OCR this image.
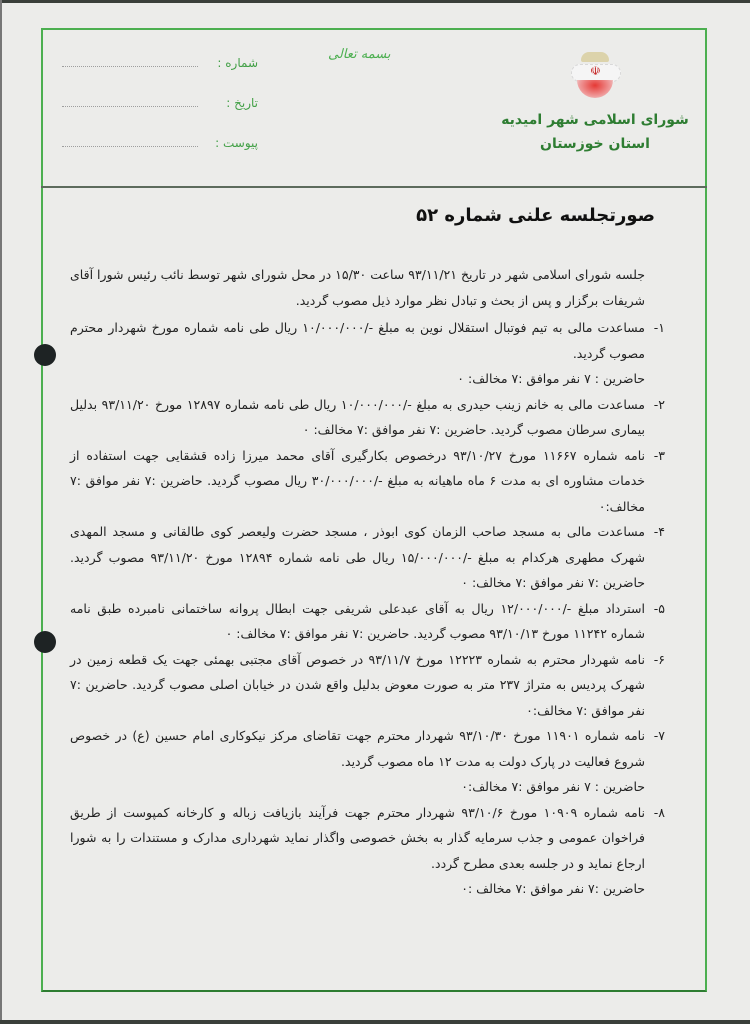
بسمه تعالی
شماره :
تاریخ :
پیوست :
☫
شورای اسلامی شهر امیدیه
استان خوزستان
صورتجلسه علنی شماره ۵۲
جلسه شورای اسلامی شهر در تاریخ ۹۳/۱۱/۲۱ ساعت ۱۵/۳۰ در محل شورای شهر توسط نائب رئیس شورا آقای شریفات برگزار و پس از بحث و تبادل نظر موارد ذیل مصوب گردید.
۱-
مساعدت مالی به تیم فوتبال استقلال نوین به مبلغ -/۱۰/۰۰۰/۰۰۰ ریال طی نامه شماره مورخ شهردار محترم مصوب گردید.
حاضرین : ۷ نفر موافق :۷ مخالف: ۰
۲-
مساعدت مالی به خانم زینب حیدری به مبلغ -/۱۰/۰۰۰/۰۰۰ ریال طی نامه شماره ۱۲۸۹۷ مورخ ۹۳/۱۱/۲۰ بدلیل بیماری سرطان مصوب گردید. حاضرین :۷ نفر موافق :۷ مخالف: ۰
۳-
نامه شماره ۱۱۶۶۷ مورخ ۹۳/۱۰/۲۷ درخصوص بکارگیری آقای محمد میرزا زاده قشقایی جهت استفاده از خدمات مشاوره ای به مدت ۶ ماه ماهیانه به مبلغ -/۳۰/۰۰۰/۰۰۰ ریال مصوب گردید. حاضرین :۷ نفر موافق :۷ مخالف:۰
۴-
مساعدت مالی به مسجد صاحب الزمان کوی ابوذر ، مسجد حضرت ولیعصر کوی طالقانی و مسجد المهدی شهرک مطهری هرکدام به مبلغ -/۱۵/۰۰۰/۰۰۰ ریال طی نامه شماره ۱۲۸۹۴ مورخ ۹۳/۱۱/۲۰ مصوب گردید. حاضرین :۷ نفر موافق :۷ مخالف: ۰
۵-
استرداد مبلغ -/۱۲/۰۰۰/۰۰۰ ریال به آقای عبدعلی شریفی جهت ابطال پروانه ساختمانی نامبرده طبق نامه شماره ۱۱۲۴۲ مورخ ۹۳/۱۰/۱۳ مصوب گردید. حاضرین :۷ نفر موافق :۷ مخالف: ۰
۶-
نامه شهردار محترم به شماره ۱۲۲۲۳ مورخ ۹۳/۱۱/۷ در خصوص آقای مجتبی بهمئی جهت یک قطعه زمین در شهرک پردیس به متراژ ۲۳۷ متر به صورت معوض بدلیل واقع شدن در خیابان اصلی مصوب گردید. حاضرین :۷ نفر موافق :۷ مخالف:۰
۷-
نامه شماره ۱۱۹۰۱ مورخ ۹۳/۱۰/۳۰ شهردار محترم جهت تقاضای مرکز نیکوکاری امام حسین (ع) در خصوص شروع فعالیت در پارک دولت به مدت ۱۲ ماه مصوب گردید.
حاضرین : ۷ نفر موافق :۷ مخالف:۰
۸-
نامه شماره ۱۰۹۰۹ مورخ ۹۳/۱۰/۶ شهردار محترم جهت فرآیند بازیافت زباله و کارخانه کمپوست از طریق فراخوان عمومی و جذب سرمایه گذار به بخش خصوصی واگذار نماید شهرداری مدارک و مستندات را به شورا ارجاع نماید و در جلسه بعدی مطرح گردد.
حاضرین :۷ نفر موافق :۷ مخالف :۰
